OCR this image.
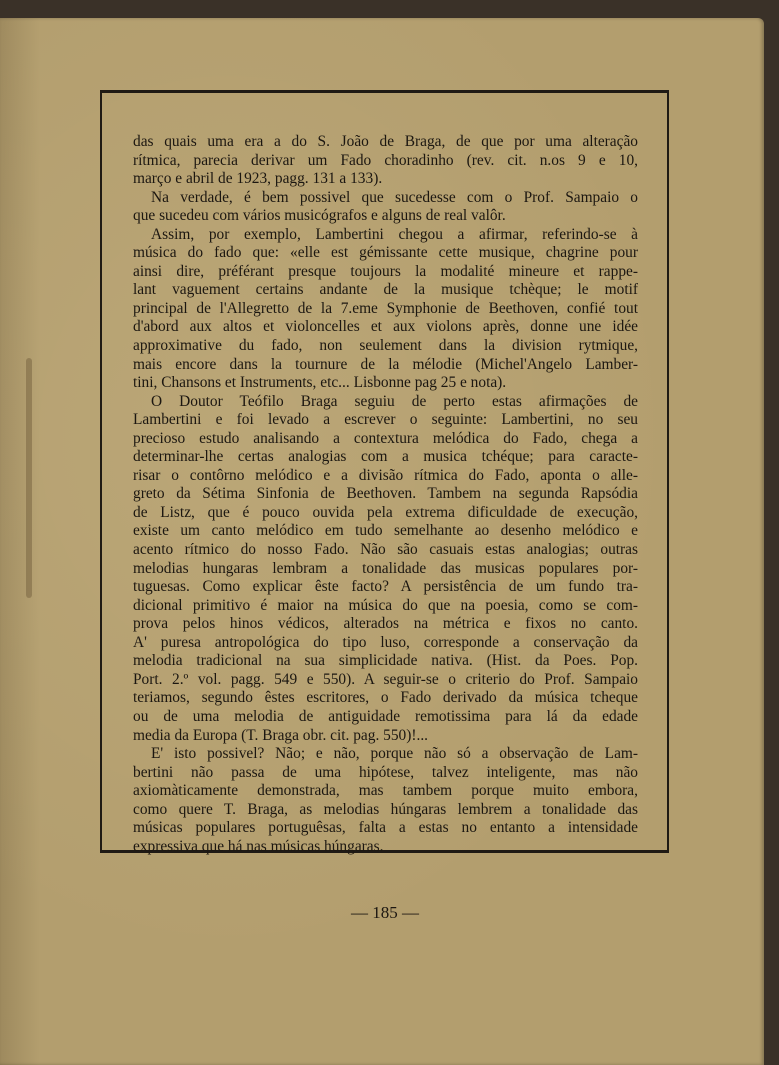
das quais uma era a do S. João de Braga, de que por uma alteração
rítmica, parecia derivar um Fado choradinho (rev. cit. n.os 9 e 10,
março e abril de 1923, pagg. 131 a 133).
Na verdade, é bem possivel que sucedesse com o Prof. Sampaio o
que sucedeu com vários musicógrafos e alguns de real valôr.
Assim, por exemplo, Lambertini chegou a afirmar, referindo-se à
música do fado que: «elle est gémissante cette musique, chagrine pour
ainsi dire, préférant presque toujours la modalité mineure et rappe-
lant vaguement certains andante de la musique tchèque; le motif
principal de l'Allegretto de la 7.eme Symphonie de Beethoven, confié tout
d'abord aux altos et violoncelles et aux violons après, donne une idée
approximative du fado, non seulement dans la division rytmique,
mais encore dans la tournure de la mélodie (Michel'Angelo Lamber-
tini, Chansons et Instruments, etc... Lisbonne pag 25 e nota).
O Doutor Teófilo Braga seguiu de perto estas afirmações de
Lambertini e foi levado a escrever o seguinte: Lambertini, no seu
precioso estudo analisando a contextura melódica do Fado, chega a
determinar-lhe certas analogias com a musica tchéque; para caracte-
risar o contôrno melódico e a divisão rítmica do Fado, aponta o alle-
greto da Sétima Sinfonia de Beethoven. Tambem na segunda Rapsódia
de Listz, que é pouco ouvida pela extrema dificuldade de execução,
existe um canto melódico em tudo semelhante ao desenho melódico e
acento rítmico do nosso Fado. Não são casuais estas analogias; outras
melodias hungaras lembram a tonalidade das musicas populares por-
tuguesas. Como explicar êste facto? A persistência de um fundo tra-
dicional primitivo é maior na música do que na poesia, como se com-
prova pelos hinos védicos, alterados na métrica e fixos no canto.
A' puresa antropológica do tipo luso, corresponde a conservação da
melodia tradicional na sua simplicidade nativa. (Hist. da Poes. Pop.
Port. 2.º vol. pagg. 549 e 550). A seguir-se o criterio do Prof. Sampaio
teriamos, segundo êstes escritores, o Fado derivado da música tcheque
ou de uma melodia de antiguidade remotissima para lá da edade
media da Europa (T. Braga obr. cit. pag. 550)!...
E' isto possivel? Não; e não, porque não só a observação de Lam-
bertini não passa de uma hipótese, talvez inteligente, mas não
axiomàticamente demonstrada, mas tambem porque muito embora,
como quere T. Braga, as melodias húngaras lembrem a tonalidade das
músicas populares portuguêsas, falta a estas no entanto a intensidade
expressiva que há nas músicas húngaras.
— 185 —
